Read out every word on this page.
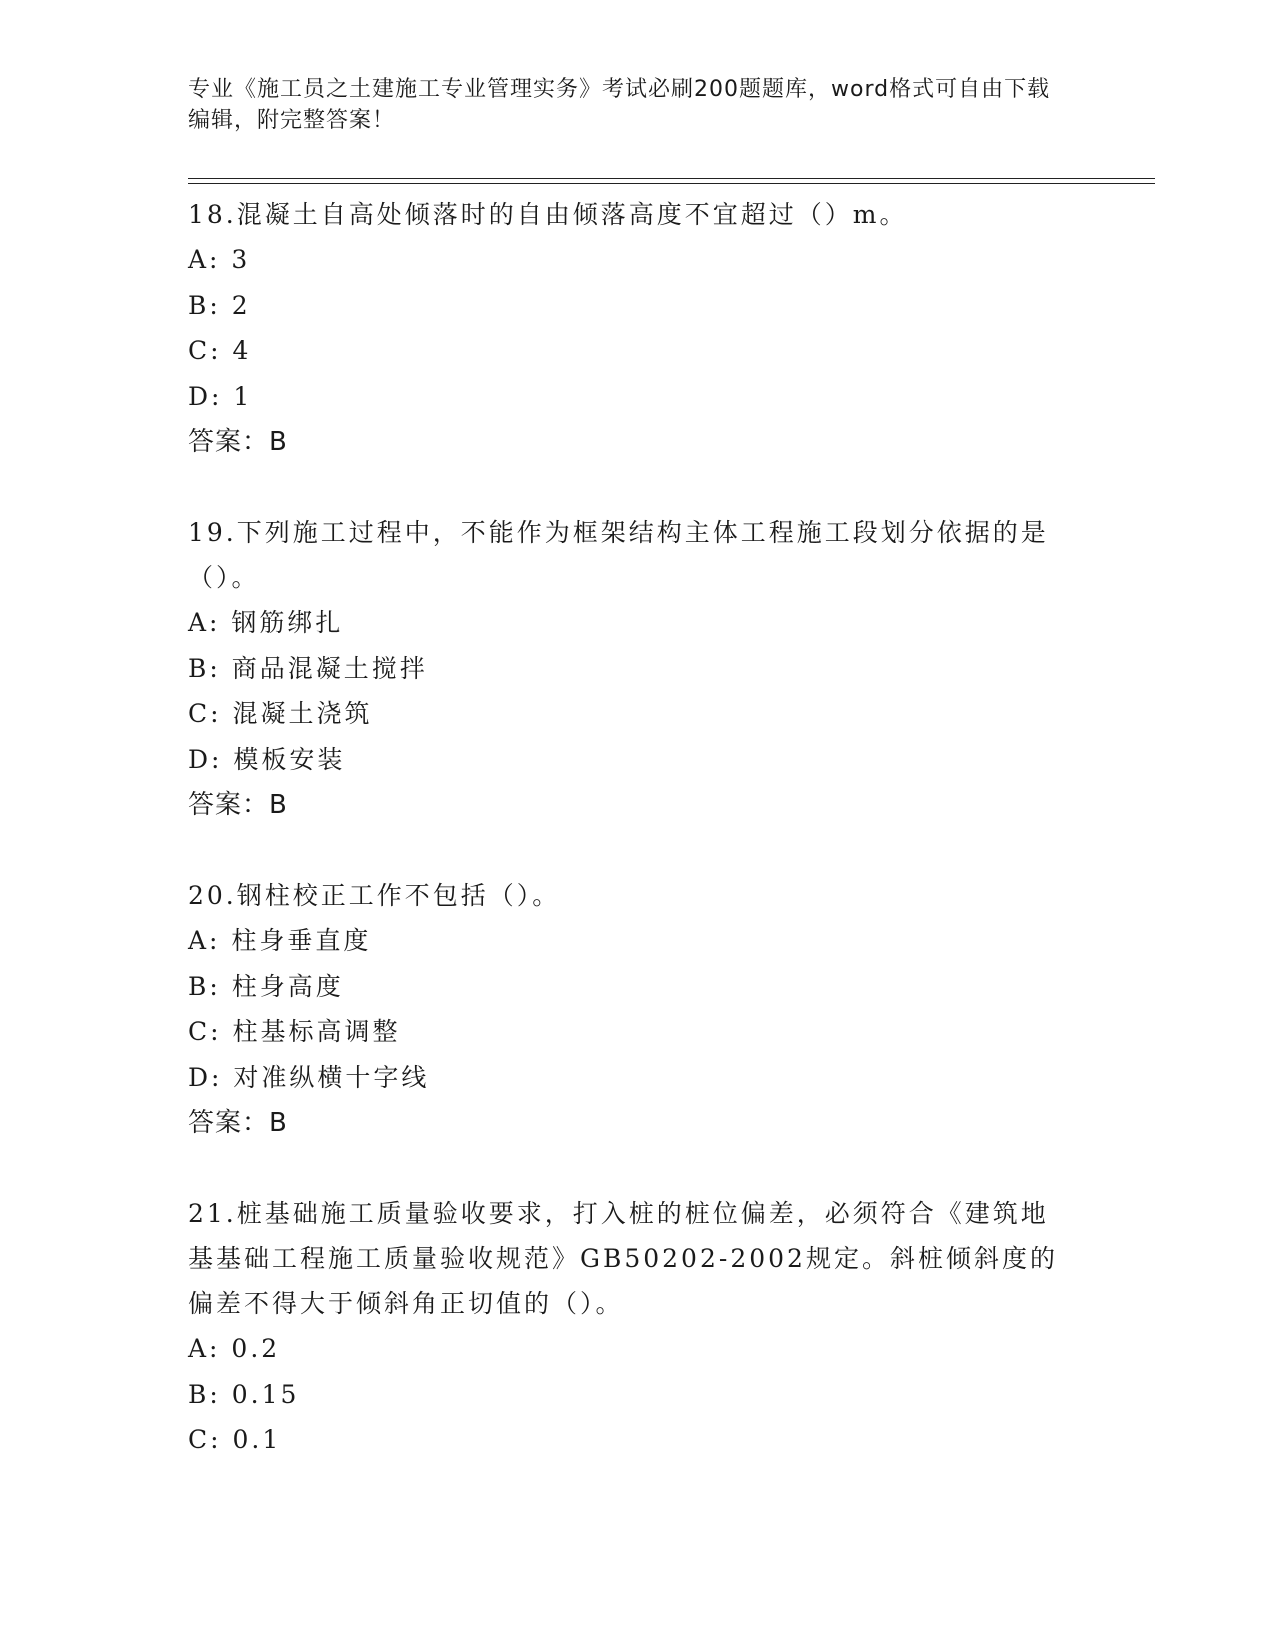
专业《施工员之土建施工专业管理实务》考试必刷200题题库，word格式可自由下载编辑，附完整答案！

18.混凝土自高处倾落时的自由倾落高度不宜超过（）m。

A: 3

B: 2

C: 4

D: 1

答案：B

19.下列施工过程中，不能作为框架结构主体工程施工段划分依据的是（）。

A: 钢筋绑扎

B: 商品混凝土搅拌

C: 混凝土浇筑

D: 模板安装

答案：B

20.钢柱校正工作不包括（）。

A: 柱身垂直度

B: 柱身高度

C: 柱基标高调整

D: 对准纵横十字线

答案：B

21.桩基础施工质量验收要求，打入桩的桩位偏差，必须符合《建筑地基基础工程施工质量验收规范》GB50202-2002规定。斜桩倾斜度的偏差不得大于倾斜角正切值的（）。

A: 0.2

B: 0.15

C: 0.1
